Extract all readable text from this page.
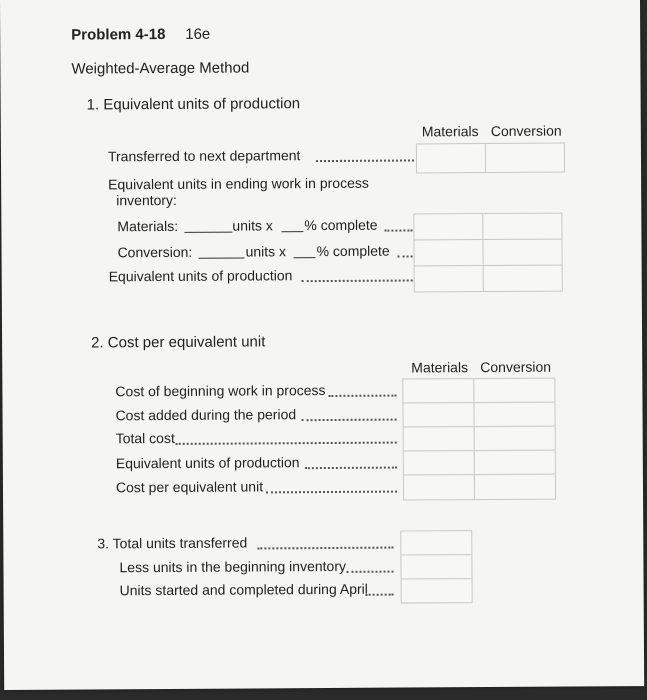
Problem 4-18 16e
Weighted-Average Method
1. Equivalent units of production
Materials Conversion
Transferred to next department
Equivalent units in ending work in process
inventory:
Materials:	units x % complete
Conversion:	units x % complete
Equivalent units of production
2. Cost per equivalent unit
Materials Conversion
Cost of beginning work in process
Cost added during the period
Total cost
Equivalent units of production
Cost per equivalent unit
3. Total units transferred
Less units in the beginning inventory
Units started and completed during April
